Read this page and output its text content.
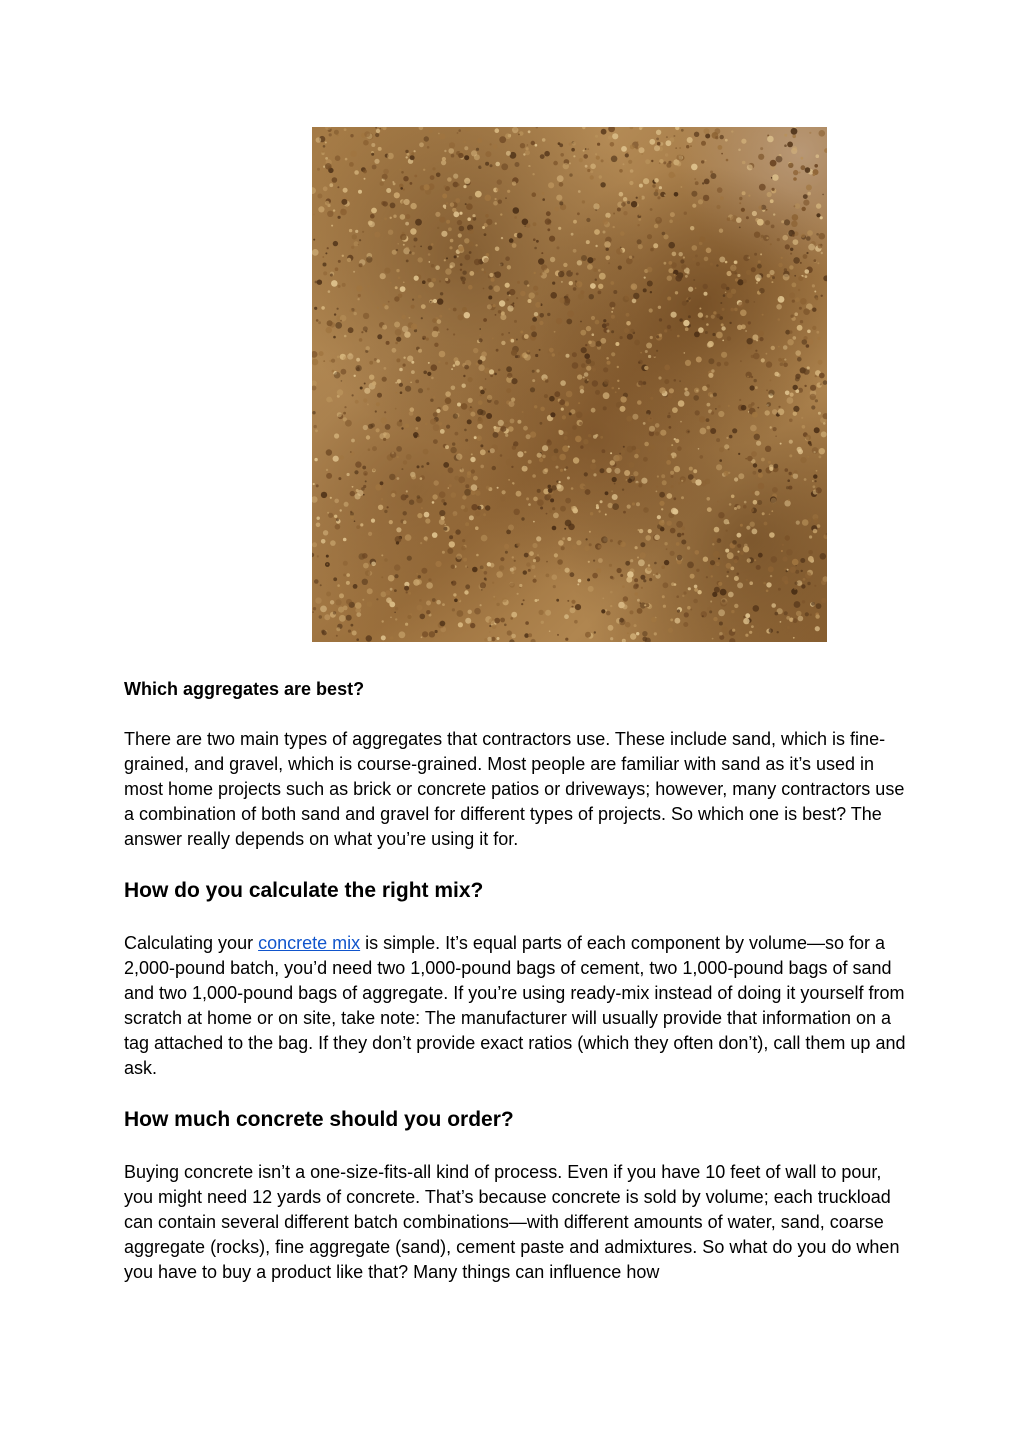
Which aggregates are best?

There are two main types of aggregates that contractors use. These include sand, which is fine-grained, and gravel, which is course-grained. Most people are familiar with sand as it’s used in most home projects such as brick or concrete patios or driveways; however, many contractors use a combination of both sand and gravel for different types of projects. So which one is best? The answer really depends on what you’re using it for.

How do you calculate the right mix?

Calculating your concrete mix is simple. It’s equal parts of each component by volume—so for a 2,000-pound batch, you’d need two 1,000-pound bags of cement, two 1,000-pound bags of sand and two 1,000-pound bags of aggregate. If you’re using ready-mix instead of doing it yourself from scratch at home or on site, take note: The manufacturer will usually provide that information on a tag attached to the bag. If they don’t provide exact ratios (which they often don’t), call them up and ask.

How much concrete should you order?

Buying concrete isn’t a one-size-fits-all kind of process. Even if you have 10 feet of wall to pour, you might need 12 yards of concrete. That’s because concrete is sold by volume; each truckload can contain several different batch combinations—with different amounts of water, sand, coarse aggregate (rocks), fine aggregate (sand), cement paste and admixtures. So what do you do when you have to buy a product like that? Many things can influence how
